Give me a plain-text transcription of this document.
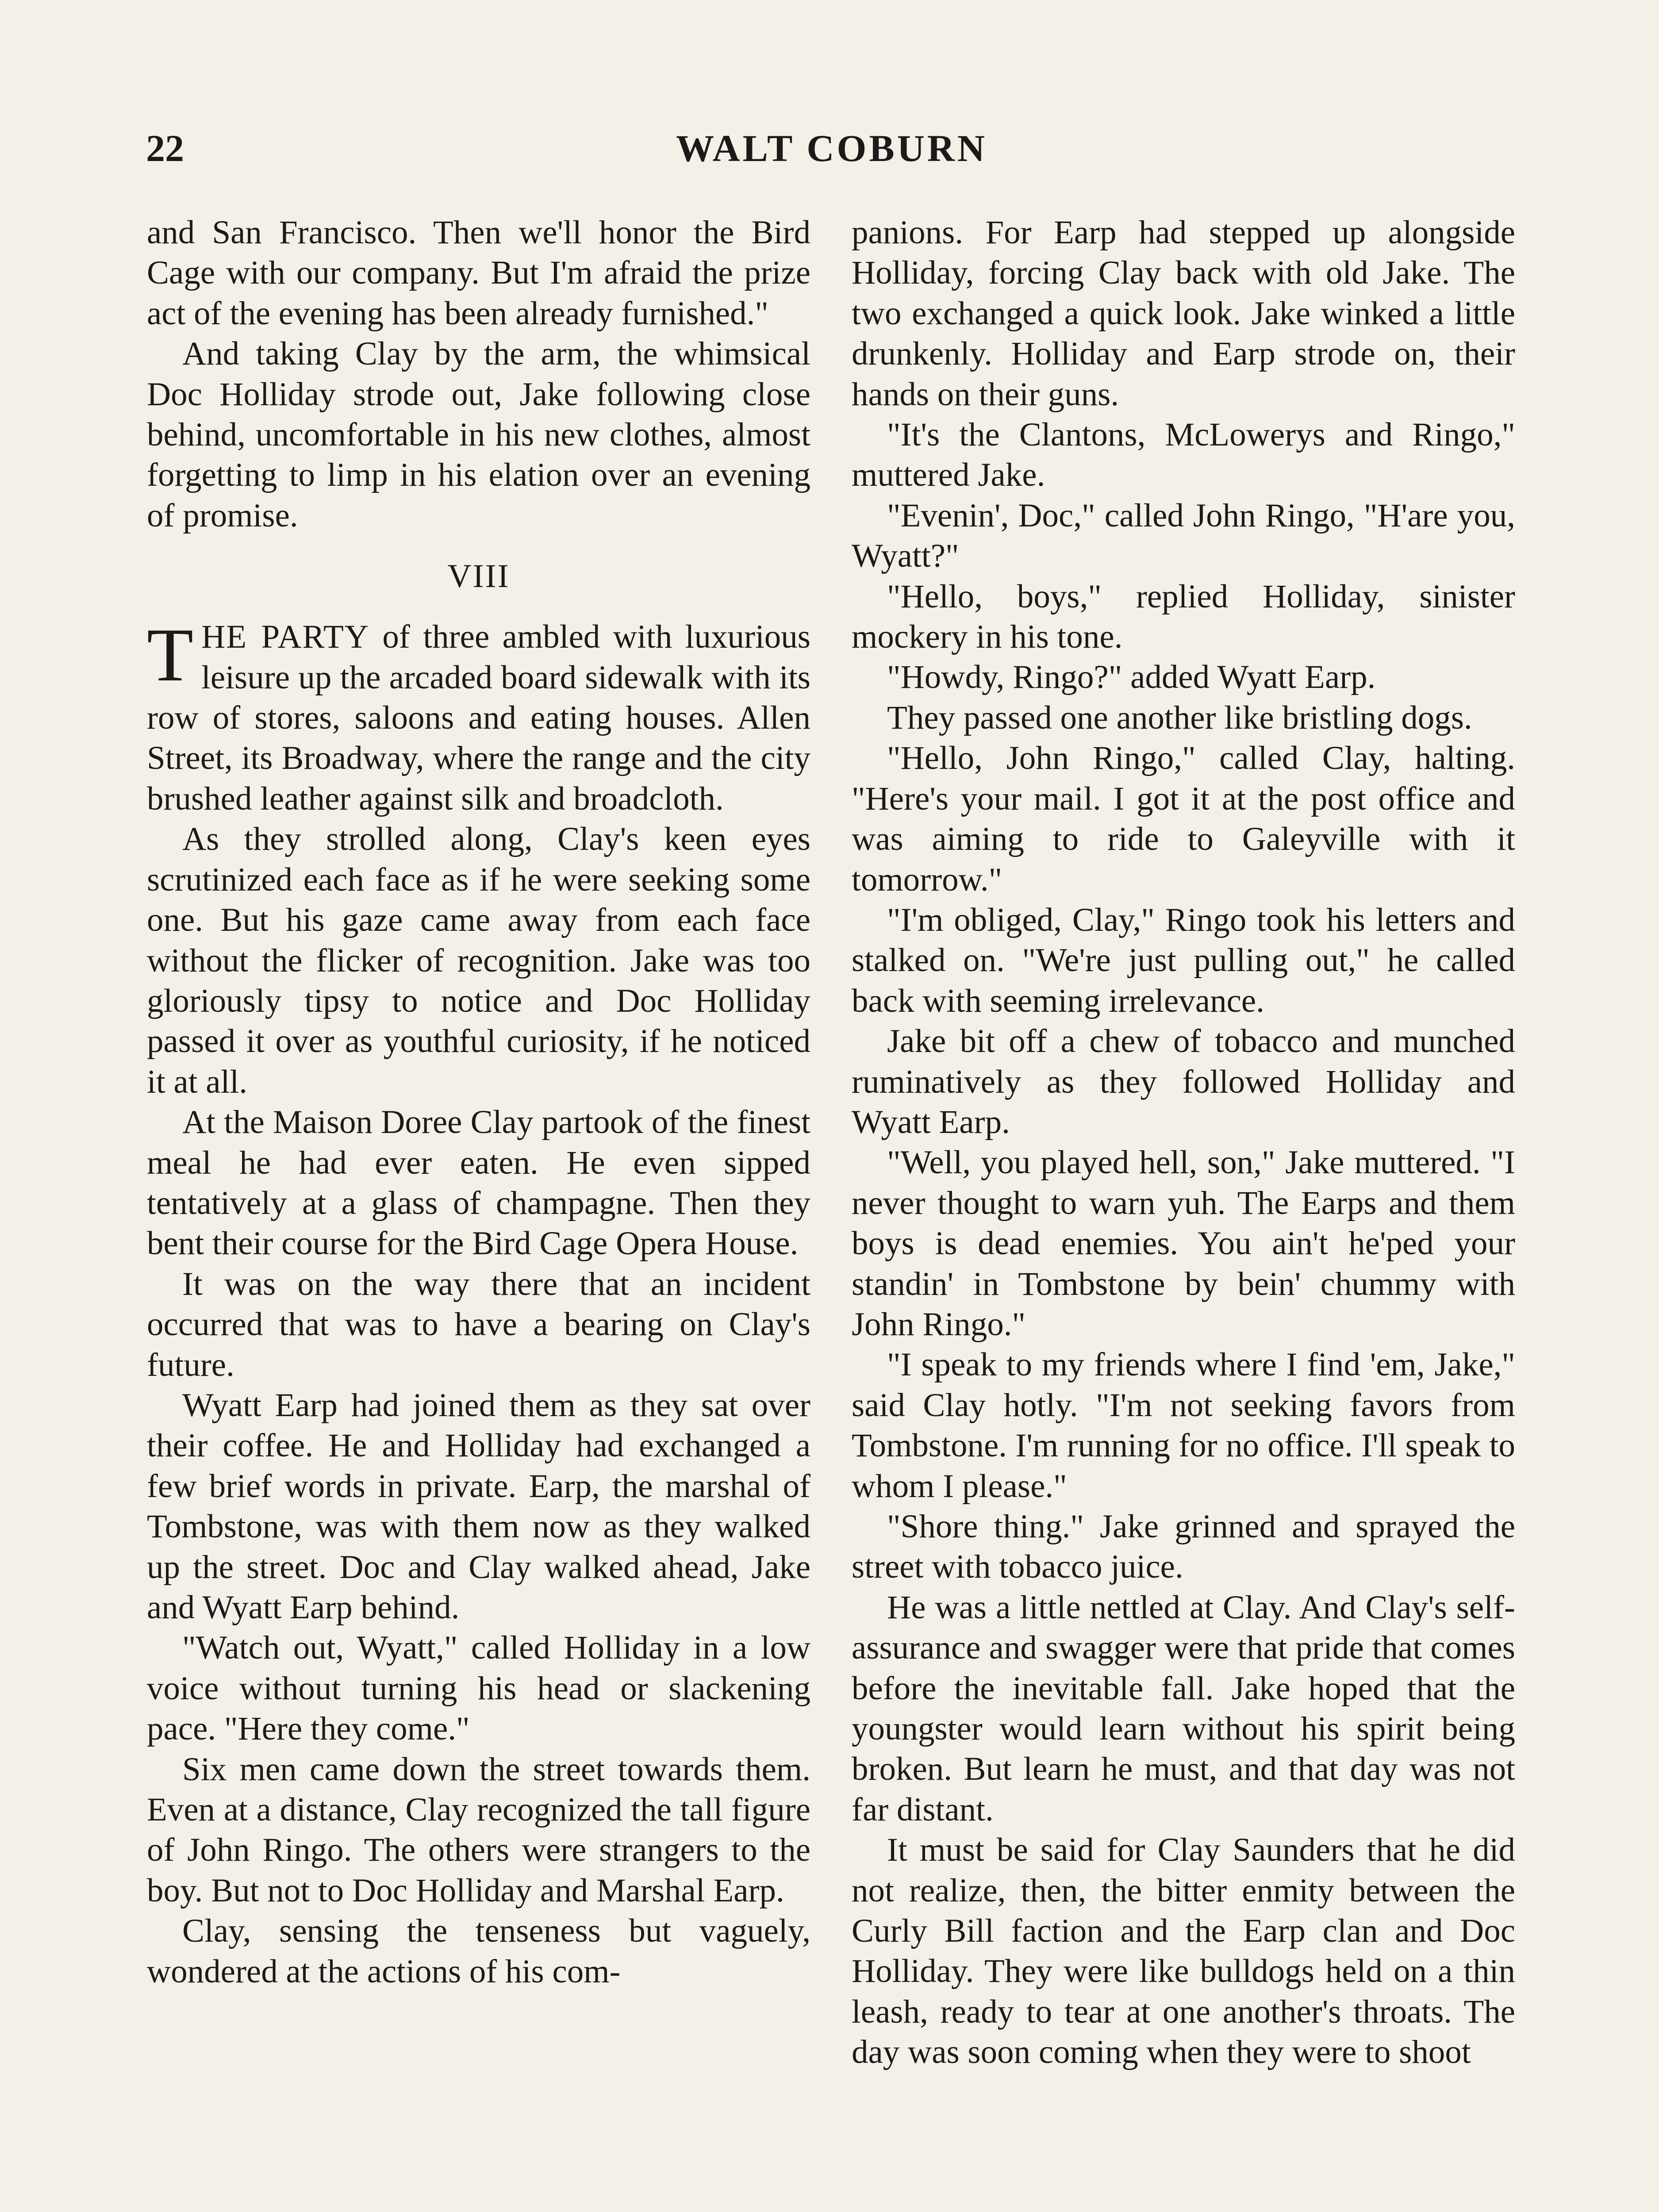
22	WALT COBURN

and San Francisco. Then we'll honor the Bird Cage with our company. But I'm afraid the prize act of the evening has been already furnished."

And taking Clay by the arm, the whimsical Doc Holliday strode out, Jake following close behind, uncomfortable in his new clothes, almost forgetting to limp in his elation over an evening of promise.

VIII

THE PARTY of three ambled with luxurious leisure up the arcaded board sidewalk with its row of stores, saloons and eating houses. Allen Street, its Broadway, where the range and the city brushed leather against silk and broadcloth.

As they strolled along, Clay's keen eyes scrutinized each face as if he were seeking some one. But his gaze came away from each face without the flicker of recognition. Jake was too gloriously tipsy to notice and Doc Holliday passed it over as youthful curiosity, if he noticed it at all.

At the Maison Doree Clay partook of the finest meal he had ever eaten. He even sipped tentatively at a glass of champagne. Then they bent their course for the Bird Cage Opera House.

It was on the way there that an incident occurred that was to have a bearing on Clay's future.

Wyatt Earp had joined them as they sat over their coffee. He and Holliday had exchanged a few brief words in private. Earp, the marshal of Tombstone, was with them now as they walked up the street. Doc and Clay walked ahead, Jake and Wyatt Earp behind.

"Watch out, Wyatt," called Holliday in a low voice without turning his head or slackening pace. "Here they come."

Six men came down the street towards them. Even at a distance, Clay recognized the tall figure of John Ringo. The others were strangers to the boy. But not to Doc Holliday and Marshal Earp.

Clay, sensing the tenseness but vaguely, wondered at the actions of his com-

panions. For Earp had stepped up alongside Holliday, forcing Clay back with old Jake. The two exchanged a quick look. Jake winked a little drunkenly. Holliday and Earp strode on, their hands on their guns.

"It's the Clantons, McLowerys and Ringo," muttered Jake.

"Evenin', Doc," called John Ringo, "H'are you, Wyatt?"

"Hello, boys," replied Holliday, sinister mockery in his tone.

"Howdy, Ringo?" added Wyatt Earp.

They passed one another like bristling dogs.

"Hello, John Ringo," called Clay, halting. "Here's your mail. I got it at the post office and was aiming to ride to Galeyville with it tomorrow."

"I'm obliged, Clay," Ringo took his letters and stalked on. "We're just pulling out," he called back with seeming irrelevance.

Jake bit off a chew of tobacco and munched ruminatively as they followed Holliday and Wyatt Earp.

"Well, you played hell, son," Jake muttered. "I never thought to warn yuh. The Earps and them boys is dead enemies. You ain't he'ped your standin' in Tombstone by bein' chummy with John Ringo."

"I speak to my friends where I find 'em, Jake," said Clay hotly. "I'm not seeking favors from Tombstone. I'm running for no office. I'll speak to whom I please."

"Shore thing." Jake grinned and sprayed the street with tobacco juice.

He was a little nettled at Clay. And Clay's self-assurance and swagger were that pride that comes before the inevitable fall. Jake hoped that the youngster would learn without his spirit being broken. But learn he must, and that day was not far distant.

It must be said for Clay Saunders that he did not realize, then, the bitter enmity between the Curly Bill faction and the Earp clan and Doc Holliday. They were like bulldogs held on a thin leash, ready to tear at one another's throats. The day was soon coming when they were to shoot
